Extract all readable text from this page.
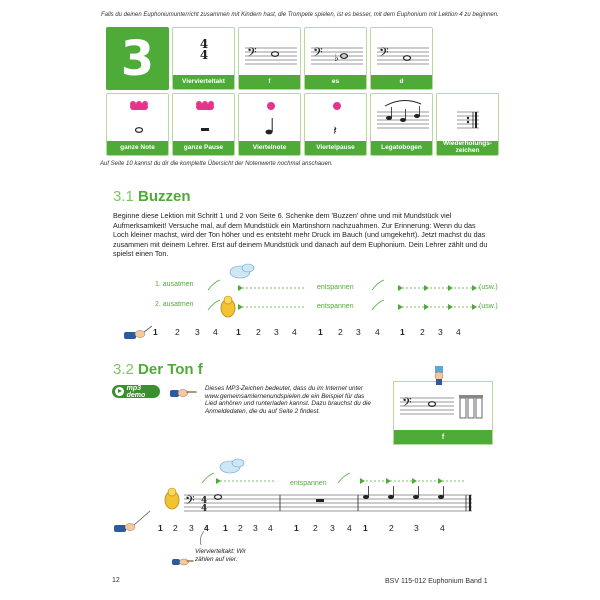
Falls du deinen Euphoniumunterricht zusammen mit Kindern hast, die Trompete spielen, ist es besser, mit dem Euphonium mit Lektion 4 zu beginnen.
3	4
4
Viervierteltakt
𝄢
f
𝄢 ♭
es
𝄢
d
ganze Note	ganze Pause	Viertelnote
𝄽
Viertelpause	Legatobogen	Wiederholungs-zeichen
Auf Seite 10 kannst du dir die komplette Übersicht der Notenwerte nochmal anschauen.
3.1 Buzzen
Beginne diese Lektion mit Schritt 1 und 2 von Seite 6. Schenke dem 'Buzzen' ohne und mit Mundstück viel Aufmerksamkeit! Versuche mal, auf dem Mundstück ein Martinshorn nachzuahmen. Zur Erinnerung: Wenn du das Loch kleiner machst, wird der Ton höher und es entsteht mehr Druck im Bauch (und umgekehrt). Jetzt machst du das zusammen mit deinem Lehrer. Erst auf deinem Mundstück und danach auf dem Euphonium. Dein Lehrer zählt und du spielst einen Ton.
1. ausatmen
2. ausatmen
entspannen
entspannen
(usw.)
(usw.)
1 2 3 4 1 2 3 4	1 2 3 4 1 2 3 4
3.2 Der Ton f
mp3 demo
Dieses MP3-Zeichen bedeutet, dass du im Internet unter www.gemeinsamlernenundspielen.de ein Beispiel für das Lied anhören und runterladen kannst. Dazu brauchst du die Anmeldedaten, die du auf Seite 2 findest.	𝄢
f
𝄢 4
4
entspannen
1 2 3 4 1 2 3 4	1 2 3 4 1	2 3	4
Viervierteltakt: Wir zählen auf vier.
12	BSV 115-012 Euphonium Band 1
